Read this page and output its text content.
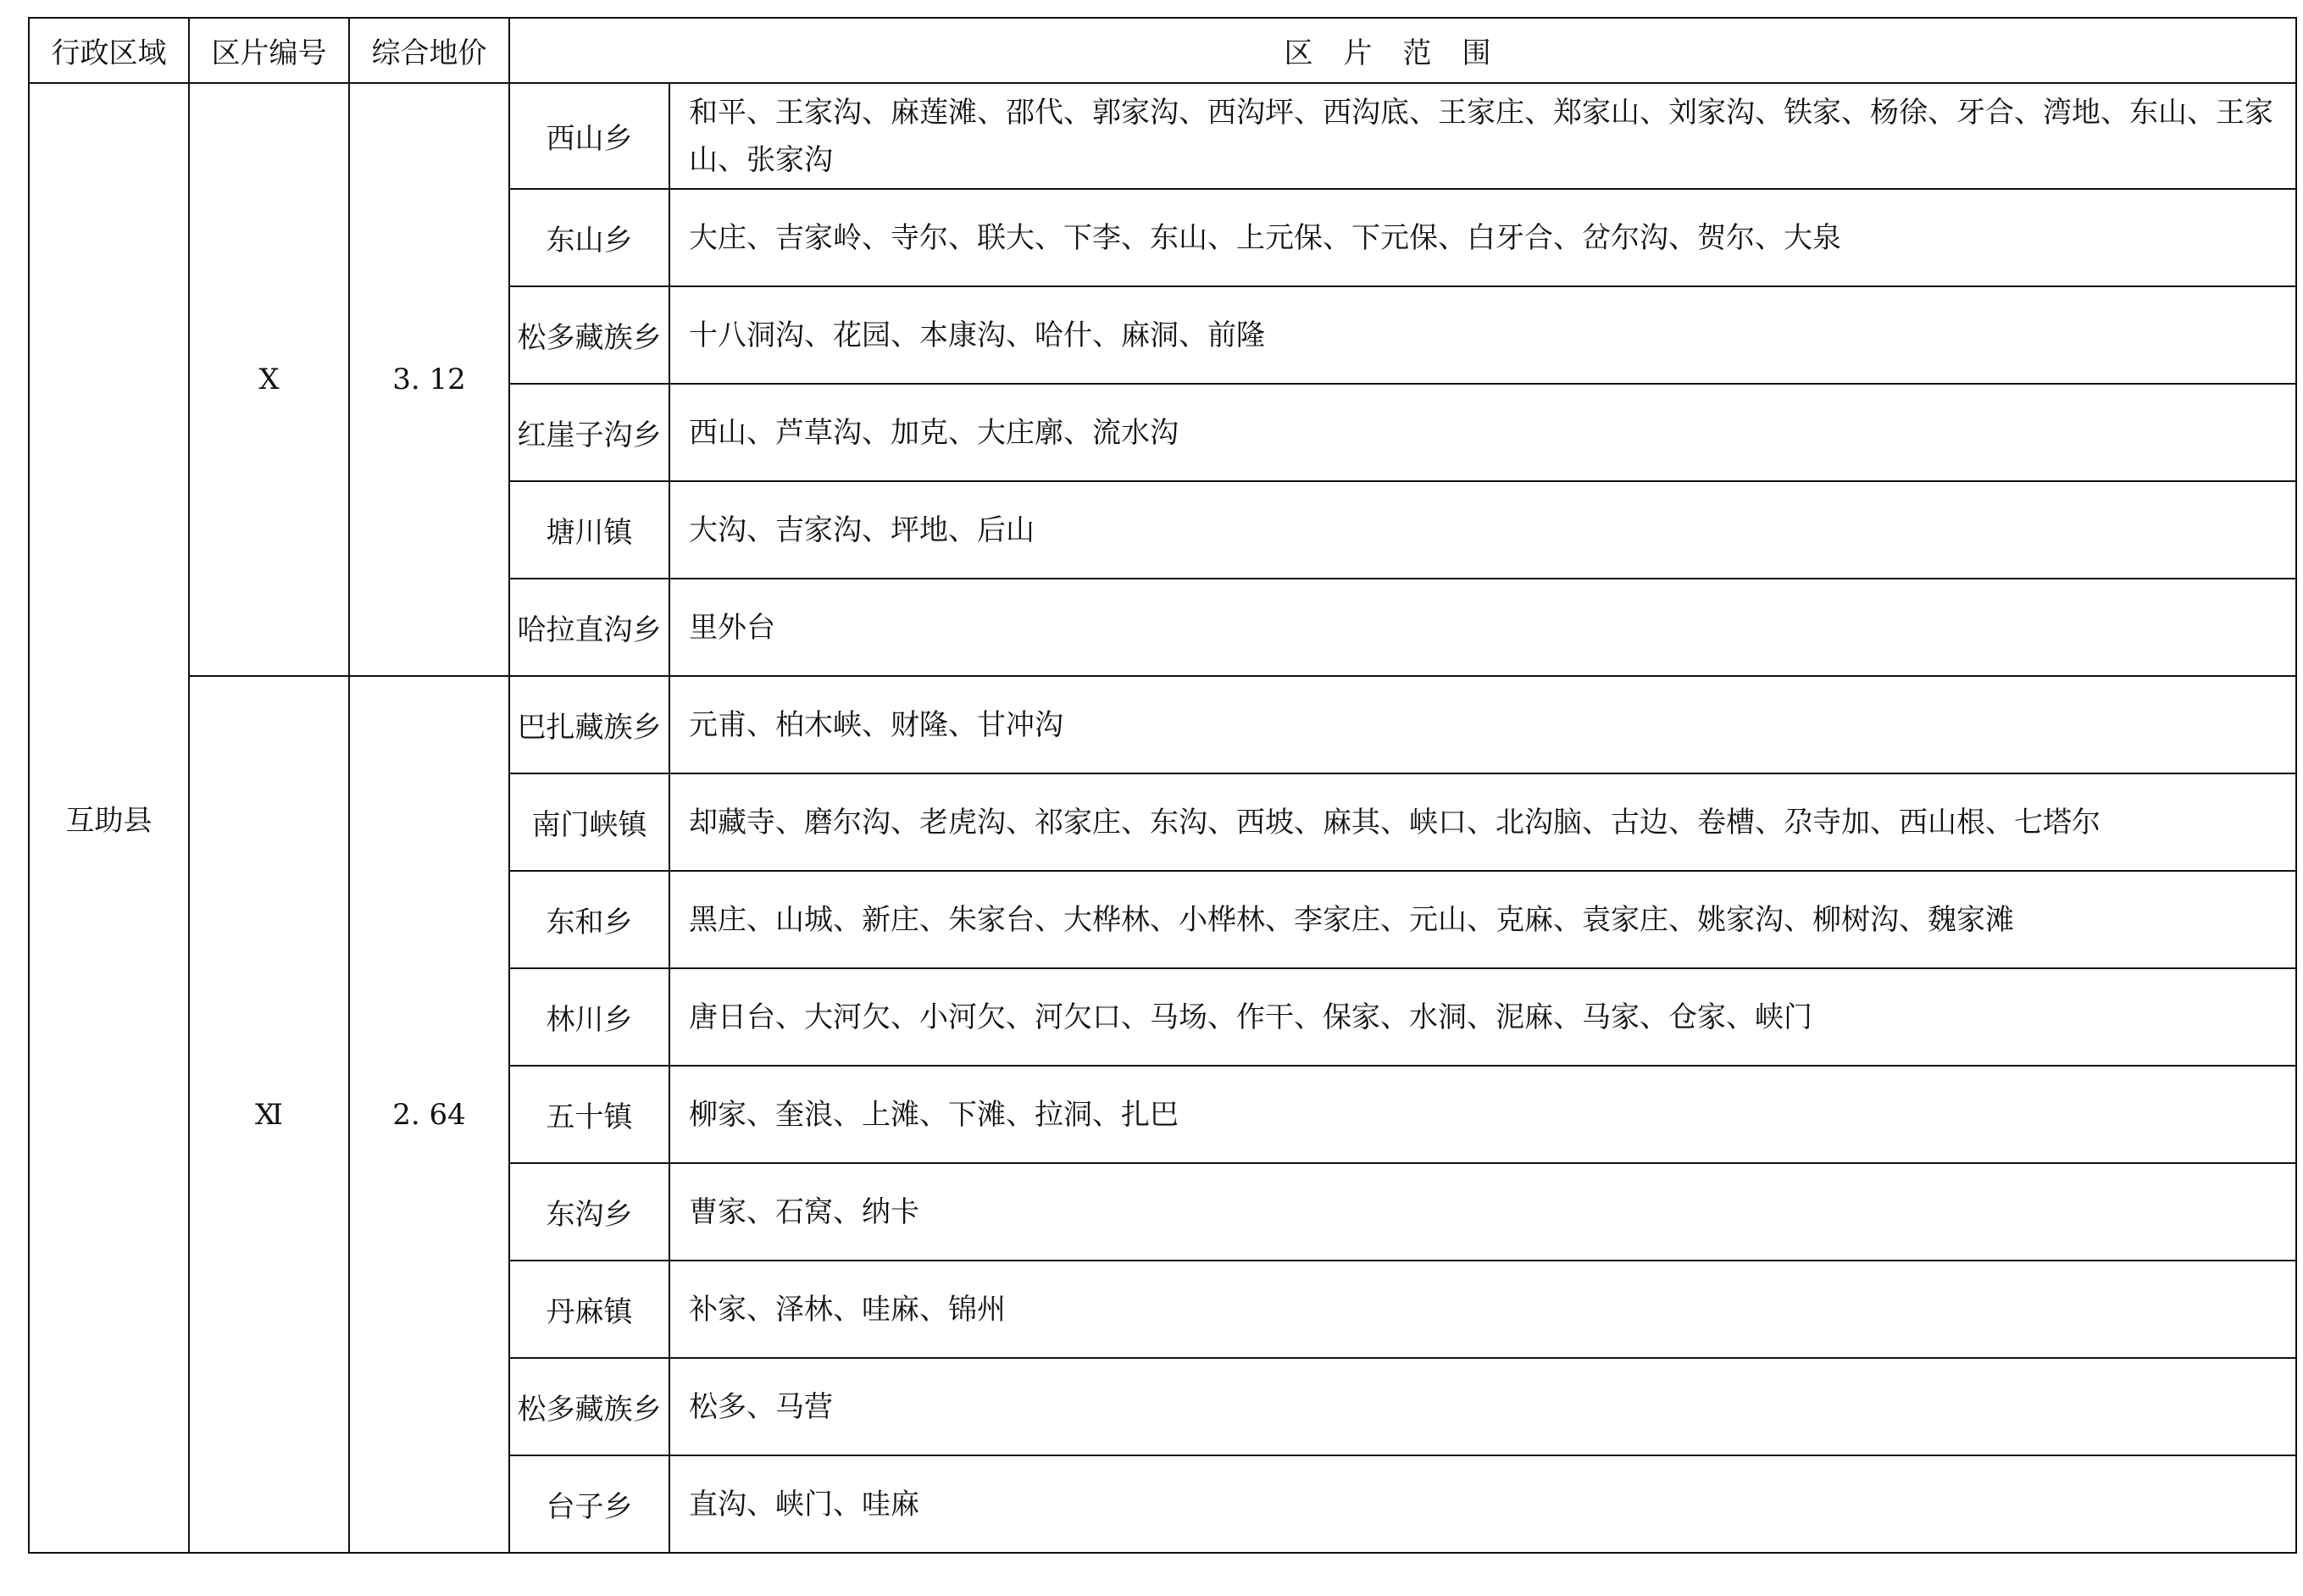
行政区域	区片编号	综合地价	区片范围	
互助县	Ⅹ	3. 12	西山乡	和平、王家沟、麻莲滩、邵代、郭家沟、西沟坪、西沟底、王家庄、郑家山、刘家沟、铁家、杨徐、牙合、湾地、东山、王家山、张家沟
			东山乡	大庄、吉家岭、寺尔、联大、下李、东山、上元保、下元保、白牙合、岔尔沟、贺尔、大泉
			松多藏族乡	十八洞沟、花园、本康沟、哈什、麻洞、前隆
			红崖子沟乡	西山、芦草沟、加克、大庄廓、流水沟
			塘川镇	大沟、吉家沟、坪地、后山
			哈拉直沟乡	里外台
	Ⅺ	2. 64	巴扎藏族乡	元甫、柏木峡、财隆、甘冲沟
			南门峡镇	却藏寺、磨尔沟、老虎沟、祁家庄、东沟、西坡、麻其、峡口、北沟脑、古边、卷槽、尕寺加、西山根、七塔尔
			东和乡	黑庄、山城、新庄、朱家台、大桦林、小桦林、李家庄、元山、克麻、袁家庄、姚家沟、柳树沟、魏家滩
			林川乡	唐日台、大河欠、小河欠、河欠口、马场、作干、保家、水洞、泥麻、马家、仓家、峡门
			五十镇	柳家、奎浪、上滩、下滩、拉洞、扎巴
			东沟乡	曹家、石窝、纳卡
			丹麻镇	补家、泽林、哇麻、锦州
			松多藏族乡	松多、马营
			台子乡	直沟、峡门、哇麻
